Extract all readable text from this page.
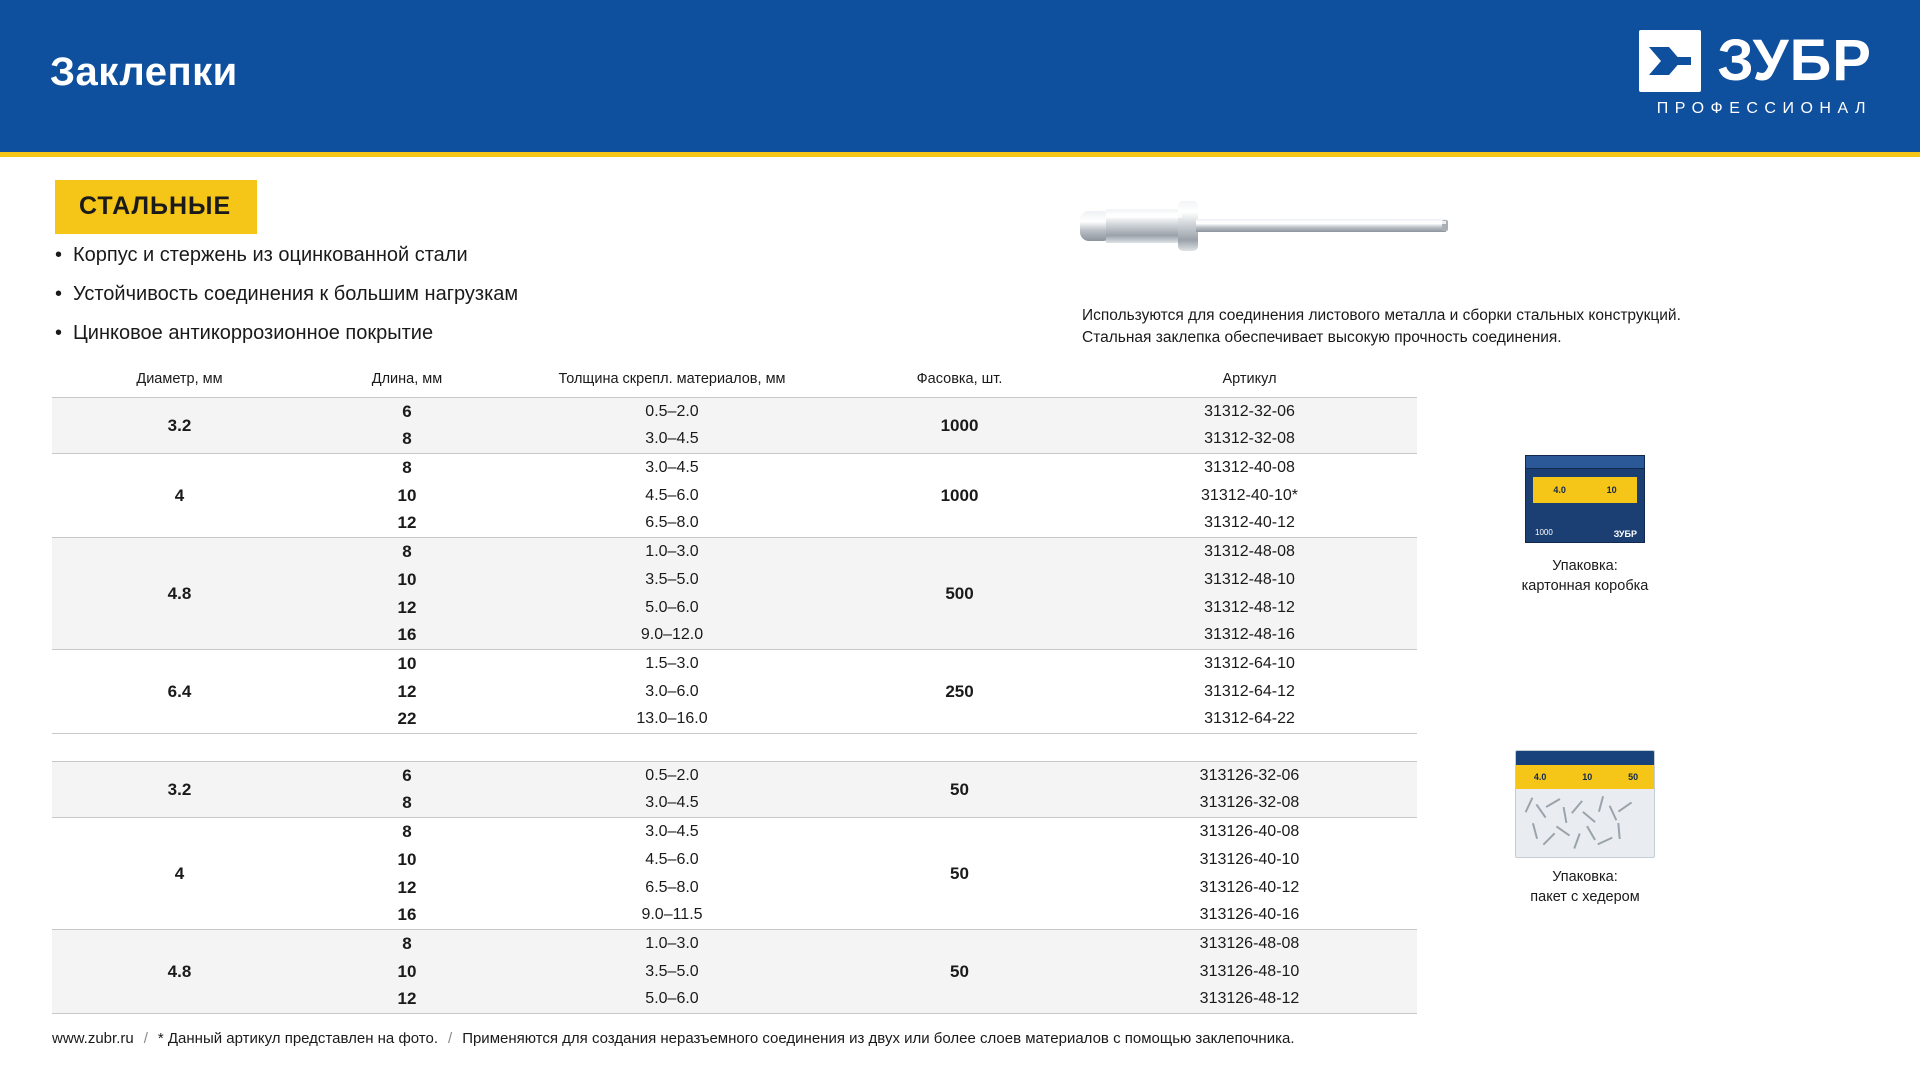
Заклепки	ЗУБР
ПРОФЕССИОНАЛ
СТАЛЬНЫЕ
• Корпус и стержень из оцинкованной стали
• Устойчивость соединения к большим нагрузкам
• Цинковое антикоррозионное покрытие
Используются для соединения листового металла и сборки стальных конструкций. Стальная заклепка обеспечивает высокую прочность соединения.
Диаметр, мм	Длина, мм	Толщина скрепл. материалов, мм	Фасовка, шт.	Артикул
3.2	6	0.5–2.0	1000	31312-32-06
	8	3.0–4.5		31312-32-08
4	8	3.0–4.5	1000	31312-40-08
	10	4.5–6.0		31312-40-10*
	12	6.5–8.0		31312-40-12
4.8	8	1.0–3.0	500	31312-48-08
	10	3.5–5.0		31312-48-10
	12	5.0–6.0		31312-48-12
	16	9.0–12.0		31312-48-16
6.4	10	1.5–3.0	250	31312-64-10
	12	3.0–6.0		31312-64-12
	22	13.0–16.0		31312-64-22

3.2	6	0.5–2.0	50	313126-32-06
	8	3.0–4.5		313126-32-08
4	8	3.0–4.5	50	313126-40-08
	10	4.5–6.0		313126-40-10
	12	6.5–8.0		313126-40-12
	16	9.0–11.5		313126-40-16
4.8	8	1.0–3.0	50	313126-48-08
	10	3.5–5.0		313126-48-10
	12	5.0–6.0		313126-48-12

4.0	10
1000	ЗУБР
Упаковка:
картонная коробка
4.0	10	50
Упаковка:
пакет с хедером
www.zubr.ru / * Данный артикул представлен на фото. / Применяются для создания неразъемного соединения из двух или более слоев материалов с помощью заклепочника.
